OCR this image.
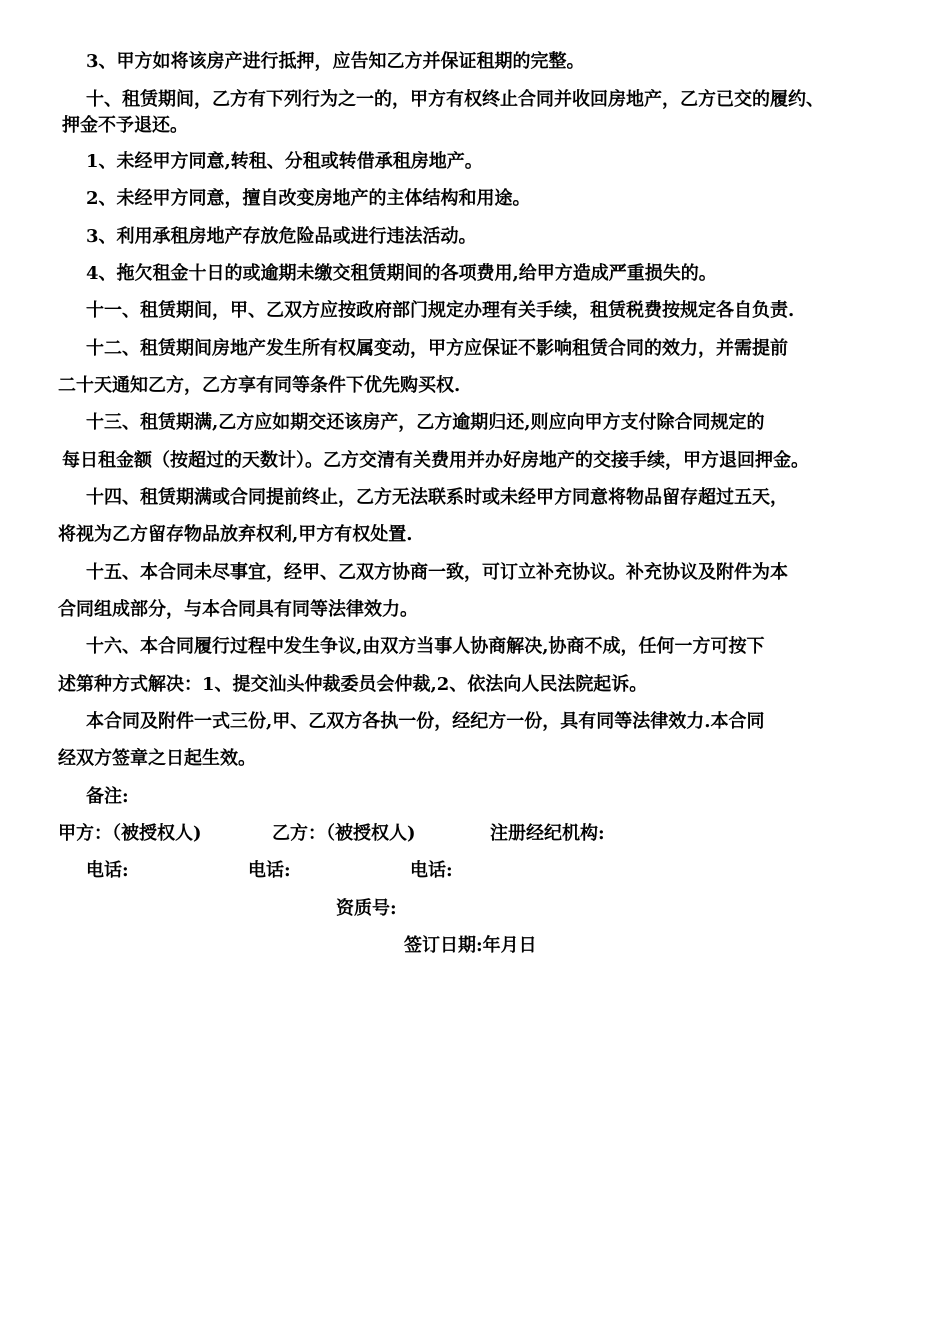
3、甲方如将该房产进行抵押，应告知乙方并保证租期的完整。
十、租赁期间，乙方有下列行为之一的，甲方有权终止合同并收回房地产，乙方已交的履约、
押金不予退还。
1、未经甲方同意,转租、分租或转借承租房地产。
2、未经甲方同意，擅自改变房地产的主体结构和用途。
3、利用承租房地产存放危险品或进行违法活动。
4、拖欠租金十日的或逾期未缴交租赁期间的各项费用,给甲方造成严重损失的。
十一、租赁期间，甲、乙双方应按政府部门规定办理有关手续，租赁税费按规定各自负责.
十二、租赁期间房地产发生所有权属变动，甲方应保证不影响租赁合同的效力，并需提前
二十天通知乙方，乙方享有同等条件下优先购买权.
十三、租赁期满,乙方应如期交还该房产，乙方逾期归还,则应向甲方支付除合同规定的
每日租金额（按超过的天数计）。乙方交清有关费用并办好房地产的交接手续，甲方退回押金。
十四、租赁期满或合同提前终止，乙方无法联系时或未经甲方同意将物品留存超过五天，
将视为乙方留存物品放弃权利,甲方有权处置.
十五、本合同未尽事宜，经甲、乙双方协商一致，可订立补充协议。补充协议及附件为本
合同组成部分，与本合同具有同等法律效力。
十六、本合同履行过程中发生争议,由双方当事人协商解决,协商不成，任何一方可按下
述第种方式解决：1、提交汕头仲裁委员会仲裁,2、依法向人民法院起诉。
本合同及附件一式三份,甲、乙双方各执一份，经纪方一份，具有同等法律效力.本合同
经双方签章之日起生效。
备注:
甲方：（被授权人)	乙方：（被授权人)	注册经纪机构:
电话:	电话:	电话:
资质号:
签订日期:年月日
